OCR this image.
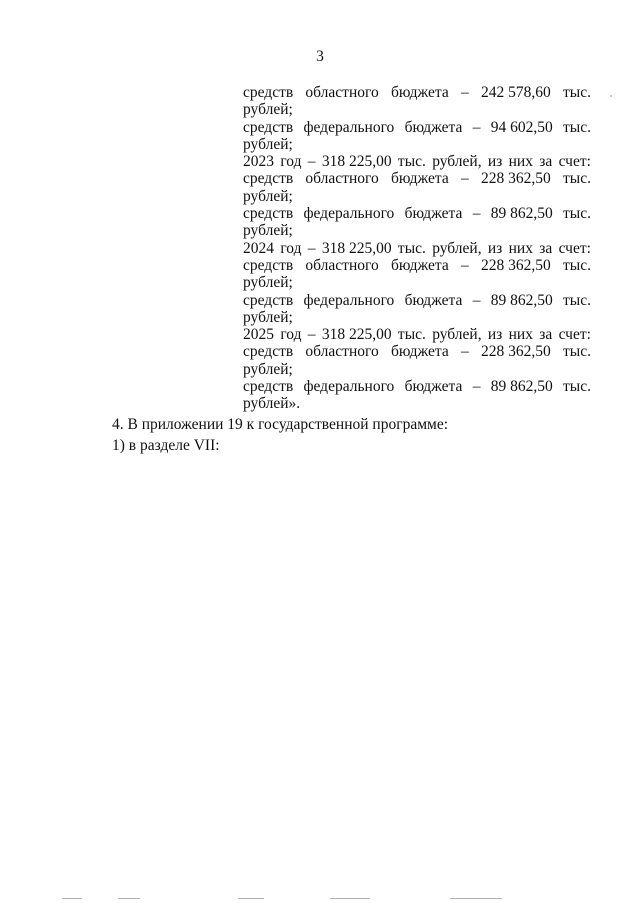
3
средств областного бюджета – 242 578,60 тыс.
рублей;
средств федерального бюджета – 94 602,50 тыс.
рублей;
2023 год – 318 225,00 тыс. рублей, из них за счет:
средств областного бюджета – 228 362,50 тыс.
рублей;
средств федерального бюджета – 89 862,50 тыс.
рублей;
2024 год – 318 225,00 тыс. рублей, из них за счет:
средств областного бюджета – 228 362,50 тыс.
рублей;
средств федерального бюджета – 89 862,50 тыс.
рублей;
2025 год – 318 225,00 тыс. рублей, из них за счет:
средств областного бюджета – 228 362,50 тыс.
рублей;
средств федерального бюджета – 89 862,50 тыс.
рублей».
4. В приложении 19 к государственной программе:
1) в разделе VII:
